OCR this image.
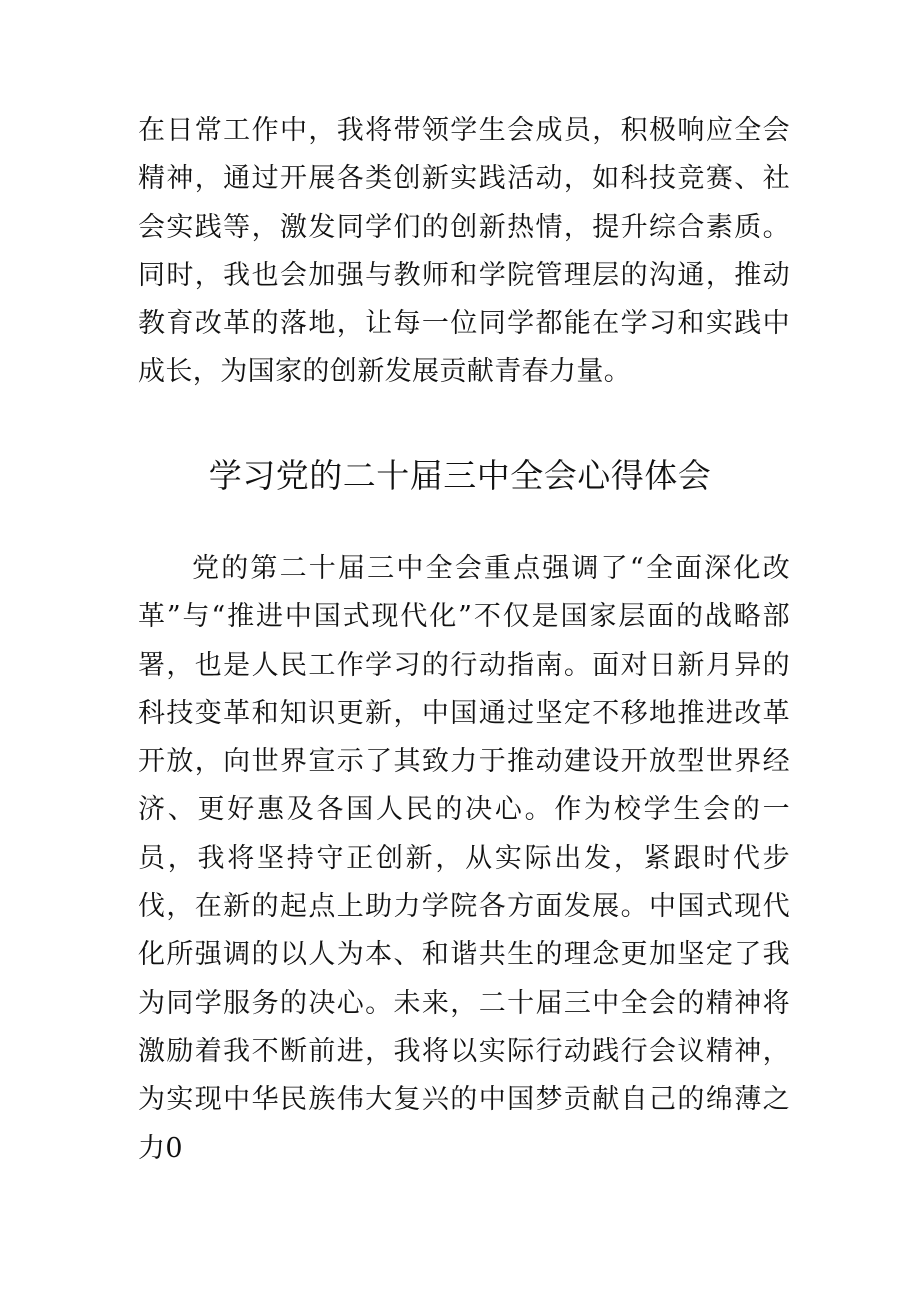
在日常工作中，我将带领学生会成员，积极响应全会精神，通过开展各类创新实践活动，如科技竞赛、社会实践等，激发同学们的创新热情，提升综合素质。同时，我也会加强与教师和学院管理层的沟通，推动教育改革的落地，让每一位同学都能在学习和实践中成长，为国家的创新发展贡献青春力量。

学习党的二十届三中全会心得体会

党的第二十届三中全会重点强调了“全面深化改革”与“推进中国式现代化”不仅是国家层面的战略部署，也是人民工作学习的行动指南。面对日新月异的科技变革和知识更新，中国通过坚定不移地推进改革开放，向世界宣示了其致力于推动建设开放型世界经济、更好惠及各国人民的决心。作为校学生会的一员，我将坚持守正创新，从实际出发，紧跟时代步伐，在新的起点上助力学院各方面发展。中国式现代化所强调的以人为本、和谐共生的理念更加坚定了我为同学服务的决心。未来，二十届三中全会的精神将激励着我不断前进，我将以实际行动践行会议精神，为实现中华民族伟大复兴的中国梦贡献自己的绵薄之力0
